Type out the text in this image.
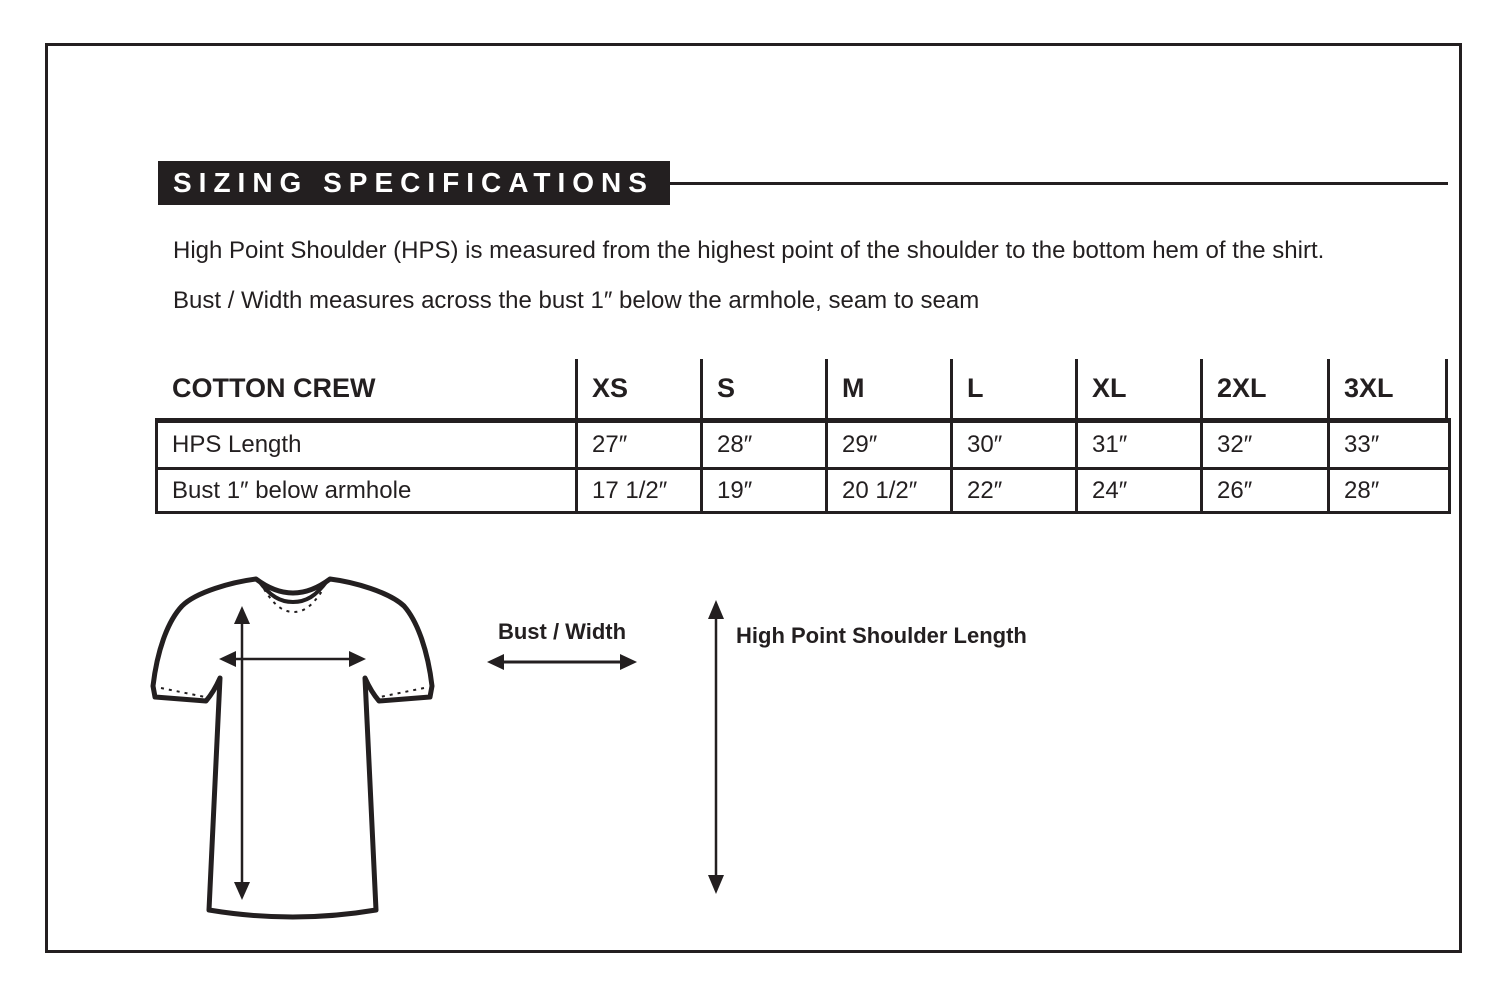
SIZING SPECIFICATIONS
High Point Shoulder (HPS) is measured from the highest point of the shoulder to the bottom hem of the shirt.
Bust / Width measures across the bust 1″ below the armhole, seam to seam
COTTON CREW	XS	S	M	L	XL	2XL	3XL
HPS Length	27″	28″	29″	30″	31″	32″	33″
Bust 1″ below armhole	17 1/2″	19″	20 1/2″	22″	24″	26″	28″
Bust / Width	High Point Shoulder Length
